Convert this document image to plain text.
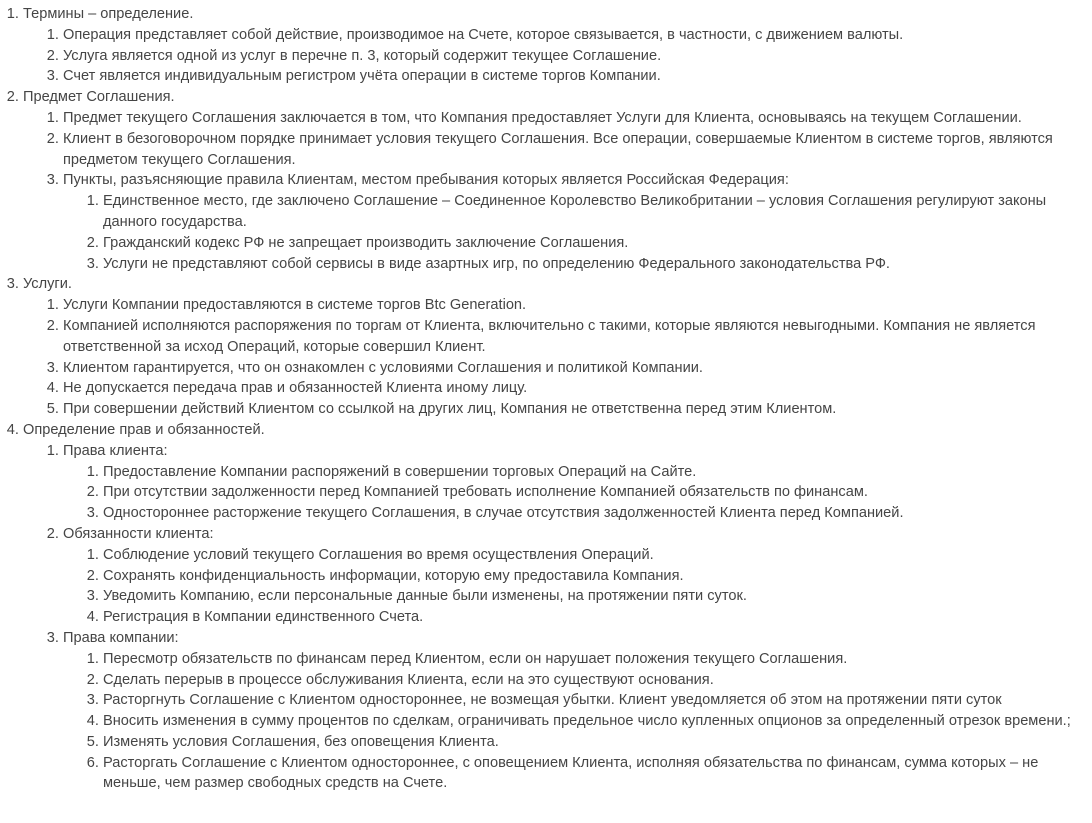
1. Термины – определение.
1. Операция представляет собой действие, производимое на Счете, которое связывается, в частности, с движением валюты.
2. Услуга является одной из услуг в перечне п. 3, который содержит текущее Соглашение.
3. Счет является индивидуальным регистром учёта операции в системе торгов Компании.
2. Предмет Соглашения.
1. Предмет текущего Соглашения заключается в том, что Компания предоставляет Услуги для Клиента, основываясь на текущем Соглашении.
2. Клиент в безоговорочном порядке принимает условия текущего Соглашения. Все операции, совершаемые Клиентом в системе торгов, являются предметом текущего Соглашения.
3. Пункты, разъясняющие правила Клиентам, местом пребывания которых является Российская Федерация:
1. Единственное место, где заключено Соглашение – Соединенное Королевство Великобритании – условия Соглашения регулируют законы данного государства.
2. Гражданский кодекс РФ не запрещает производить заключение Соглашения.
3. Услуги не представляют собой сервисы в виде азартных игр, по определению Федерального законодательства РФ.
3. Услуги.
1. Услуги Компании предоставляются в системе торгов Btc Generation.
2. Компанией исполняются распоряжения по торгам от Клиента, включительно с такими, которые являются невыгодными. Компания не является ответственной за исход Операций, которые совершил Клиент.
3. Клиентом гарантируется, что он ознакомлен с условиями Соглашения и политикой Компании.
4. Не допускается передача прав и обязанностей Клиента иному лицу.
5. При совершении действий Клиентом со ссылкой на других лиц, Компания не ответственна перед этим Клиентом.
4. Определение прав и обязанностей.
1. Права клиента:
1. Предоставление Компании распоряжений в совершении торговых Операций на Сайте.
2. При отсутствии задолженности перед Компанией требовать исполнение Компанией обязательств по финансам.
3. Одностороннее расторжение текущего Соглашения, в случае отсутствия задолженностей Клиента перед Компанией.
2. Обязанности клиента:
1. Соблюдение условий текущего Соглашения во время осуществления Операций.
2. Сохранять конфиденциальность информации, которую ему предоставила Компания.
3. Уведомить Компанию, если персональные данные были изменены, на протяжении пяти суток.
4. Регистрация в Компании единственного Счета.
3. Права компании:
1. Пересмотр обязательств по финансам перед Клиентом, если он нарушает положения текущего Соглашения.
2. Сделать перерыв в процессе обслуживания Клиента, если на это существуют основания.
3. Расторгнуть Соглашение с Клиентом одностороннее, не возмещая убытки. Клиент уведомляется об этом на протяжении пяти суток
4. Вносить изменения в сумму процентов по сделкам, ограничивать предельное число купленных опционов за определенный отрезок времени.;
5. Изменять условия Соглашения, без оповещения Клиента.
6. Расторгать Соглашение с Клиентом одностороннее, с оповещением Клиента, исполняя обязательства по финансам, сумма которых – не меньше, чем размер свободных средств на Счете.
